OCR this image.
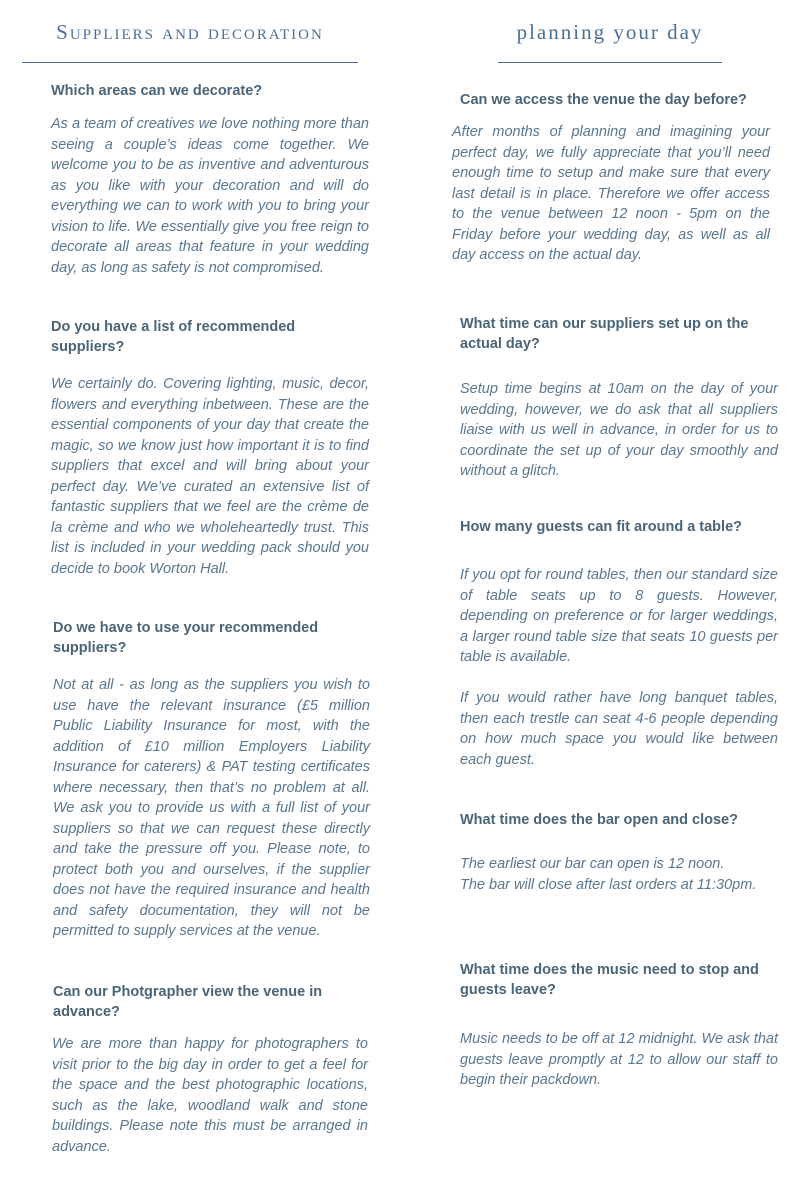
Suppliers and decoration

Which areas can we decorate?

As a team of creatives we love nothing more than seeing a couple’s ideas come together. We welcome you to be as inventive and adventurous as you like with your decoration and will do everything we can to work with you to bring your vision to life. We essentially give you free reign to decorate all areas that feature in your wedding day, as long as safety is not compromised.

Do you have a list of recommended suppliers?

We certainly do. Covering lighting, music, decor, flowers and everything inbetween. These are the essential components of your day that create the magic, so we know just how important it is to find suppliers that excel and will bring about your perfect day. We’ve curated an extensive list of fantastic suppliers that we feel are the crème de la crème and who we wholeheartedly trust. This list is included in your wedding pack should you decide to book Worton Hall.

Do we have to use your recommended suppliers?

Not at all - as long as the suppliers you wish to use have the relevant insurance (£5 million Public Liability Insurance for most, with the addition of £10 million Employers Liability Insurance for caterers) & PAT testing certificates where necessary, then that’s no problem at all. We ask you to provide us with a full list of your suppliers so that we can request these directly and take the pressure off you. Please note, to protect both you and ourselves, if the supplier does not have the required insurance and health and safety documentation, they will not be permitted to supply services at the venue.

Can our Photgrapher view the venue in advance?

We are more than happy for photographers to visit prior to the big day in order to get a feel for the space and the best photographic locations, such as the lake, woodland walk and stone buildings. Please note this must be arranged in advance.

planning your day

Can we access the venue the day before?

After months of planning and imagining your perfect day, we fully appreciate that you’ll need enough time to setup and make sure that every last detail is in place. Therefore we offer access to the venue between 12 noon - 5pm on the Friday before your wedding day, as well as all day access on the actual day.

What time can our suppliers set up on the actual day?

Setup time begins at 10am on the day of your wedding, however, we do ask that all suppliers liaise with us well in advance, in order for us to coordinate the set up of your day smoothly and without a glitch.

How many guests can fit around a table?

If you opt for round tables, then our standard size of table seats up to 8 guests. However, depending on preference or for larger weddings, a larger round table size that seats 10 guests per table is available.

If you would rather have long banquet tables, then each trestle can seat 4-6 people depending on how much space you would like between each guest.

What time does the bar open and close?

The earliest our bar can open is 12 noon.

The bar will close after last orders at 11:30pm.

What time does the music need to stop and guests leave?

Music needs to be off at 12 midnight. We ask that guests leave promptly at 12 to allow our staff to begin their packdown.
